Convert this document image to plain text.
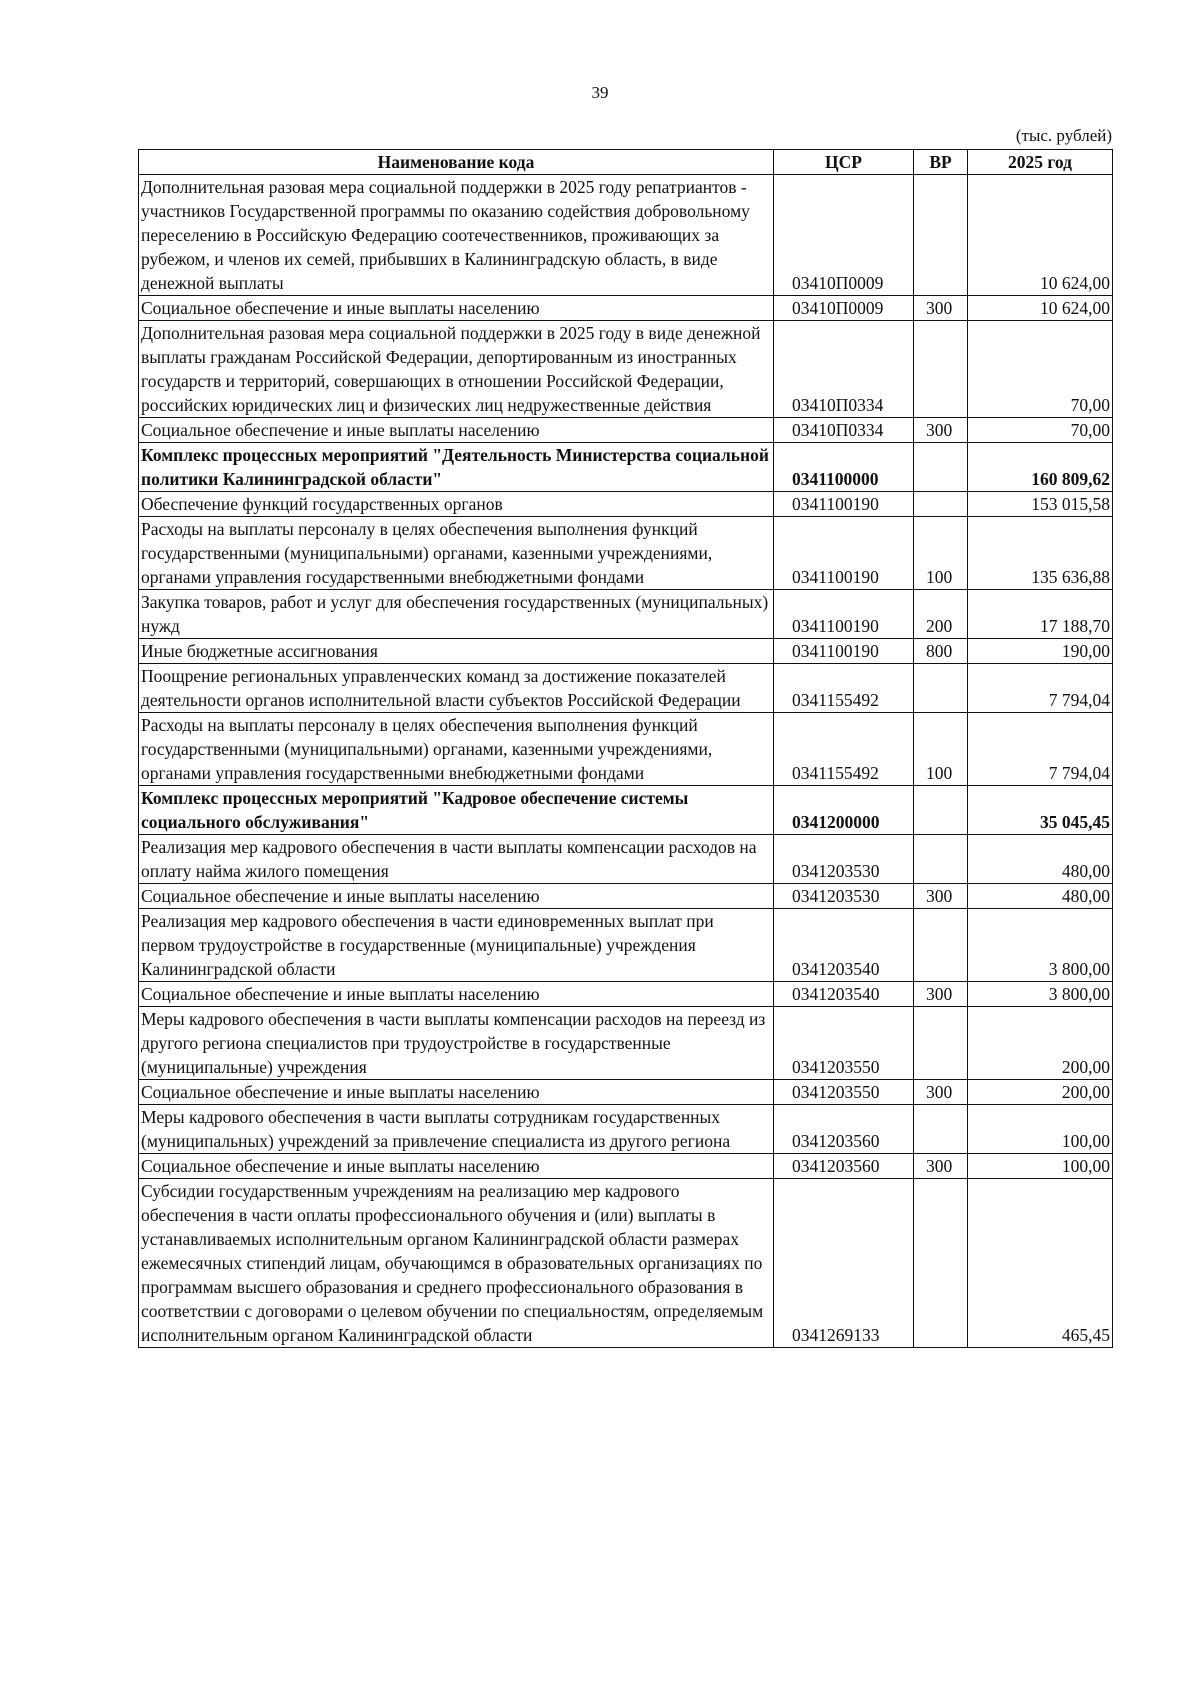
39
(тыс. рублей)
Наименование кода	ЦСР	ВР	2025 год
Дополнительная разовая мера социальной поддержки в 2025 году репатриантов - участников Государственной программы по оказанию содействия добровольному переселению в Российскую Федерацию соотечественников, проживающих за рубежом, и членов их семей, прибывших в Калининградскую область, в виде денежной выплаты	03410П0009		10 624,00
Социальное обеспечение и иные выплаты населению	03410П0009	300	10 624,00
Дополнительная разовая мера социальной поддержки в 2025 году в виде денежной выплаты гражданам Российской Федерации, депортированным из иностранных государств и территорий, совершающих в отношении Российской Федерации, российских юридических лиц и физических лиц недружественные действия	03410П0334		70,00
Социальное обеспечение и иные выплаты населению	03410П0334	300	70,00
Комплекс процессных мероприятий "Деятельность Министерства социальной политики Калининградской области"	0341100000		160 809,62
Обеспечение функций государственных органов	0341100190		153 015,58
Расходы на выплаты персоналу в целях обеспечения выполнения функций государственными (муниципальными) органами, казенными учреждениями, органами управления государственными внебюджетными фондами	0341100190	100	135 636,88
Закупка товаров, работ и услуг для обеспечения государственных (муниципальных) нужд	0341100190	200	17 188,70
Иные бюджетные ассигнования	0341100190	800	190,00
Поощрение региональных управленческих команд за достижение показателей деятельности органов исполнительной власти субъектов Российской Федерации	0341155492		7 794,04
Расходы на выплаты персоналу в целях обеспечения выполнения функций государственными (муниципальными) органами, казенными учреждениями, органами управления государственными внебюджетными фондами	0341155492	100	7 794,04
Комплекс процессных мероприятий "Кадровое обеспечение системы социального обслуживания"	0341200000		35 045,45
Реализация мер кадрового обеспечения в части выплаты компенсации расходов на оплату найма жилого помещения	0341203530		480,00
Социальное обеспечение и иные выплаты населению	0341203530	300	480,00
Реализация мер кадрового обеспечения в части единовременных выплат при первом трудоустройстве в государственные (муниципальные) учреждения Калининградской области	0341203540		3 800,00
Социальное обеспечение и иные выплаты населению	0341203540	300	3 800,00
Меры кадрового обеспечения в части выплаты компенсации расходов на переезд из другого региона специалистов при трудоустройстве в государственные (муниципальные) учреждения	0341203550		200,00
Социальное обеспечение и иные выплаты населению	0341203550	300	200,00
Меры кадрового обеспечения в части выплаты сотрудникам государственных (муниципальных) учреждений за привлечение специалиста из другого региона	0341203560		100,00
Социальное обеспечение и иные выплаты населению	0341203560	300	100,00
Субсидии государственным учреждениям на реализацию мер кадрового обеспечения в части оплаты профессионального обучения и (или) выплаты в устанавливаемых исполнительным органом Калининградской области размерах ежемесячных стипендий лицам, обучающимся в образовательных организациях по программам высшего образования и среднего профессионального образования в соответствии с договорами о целевом обучении по специальностям, определяемым исполнительным органом Калининградской области	0341269133		465,45
